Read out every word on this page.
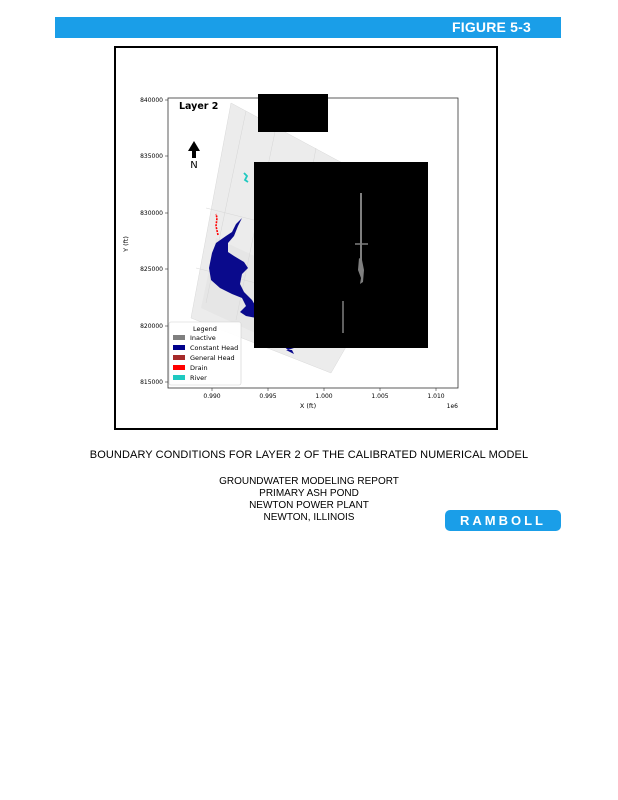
FIGURE 5-3
N
Layer 2
840000
835000
830000
825000
820000
815000
Y (ft)
0.990	0.995	1.000	1.005	1.010
X (ft)	1e6
Legend
Inactive
Constant Head
General Head
Drain
River
BOUNDARY CONDITIONS FOR LAYER 2 OF THE CALIBRATED NUMERICAL MODEL
GROUNDWATER MODELING REPORT
PRIMARY ASH POND
NEWTON POWER PLANT
NEWTON, ILLINOIS	RAMBOLL
